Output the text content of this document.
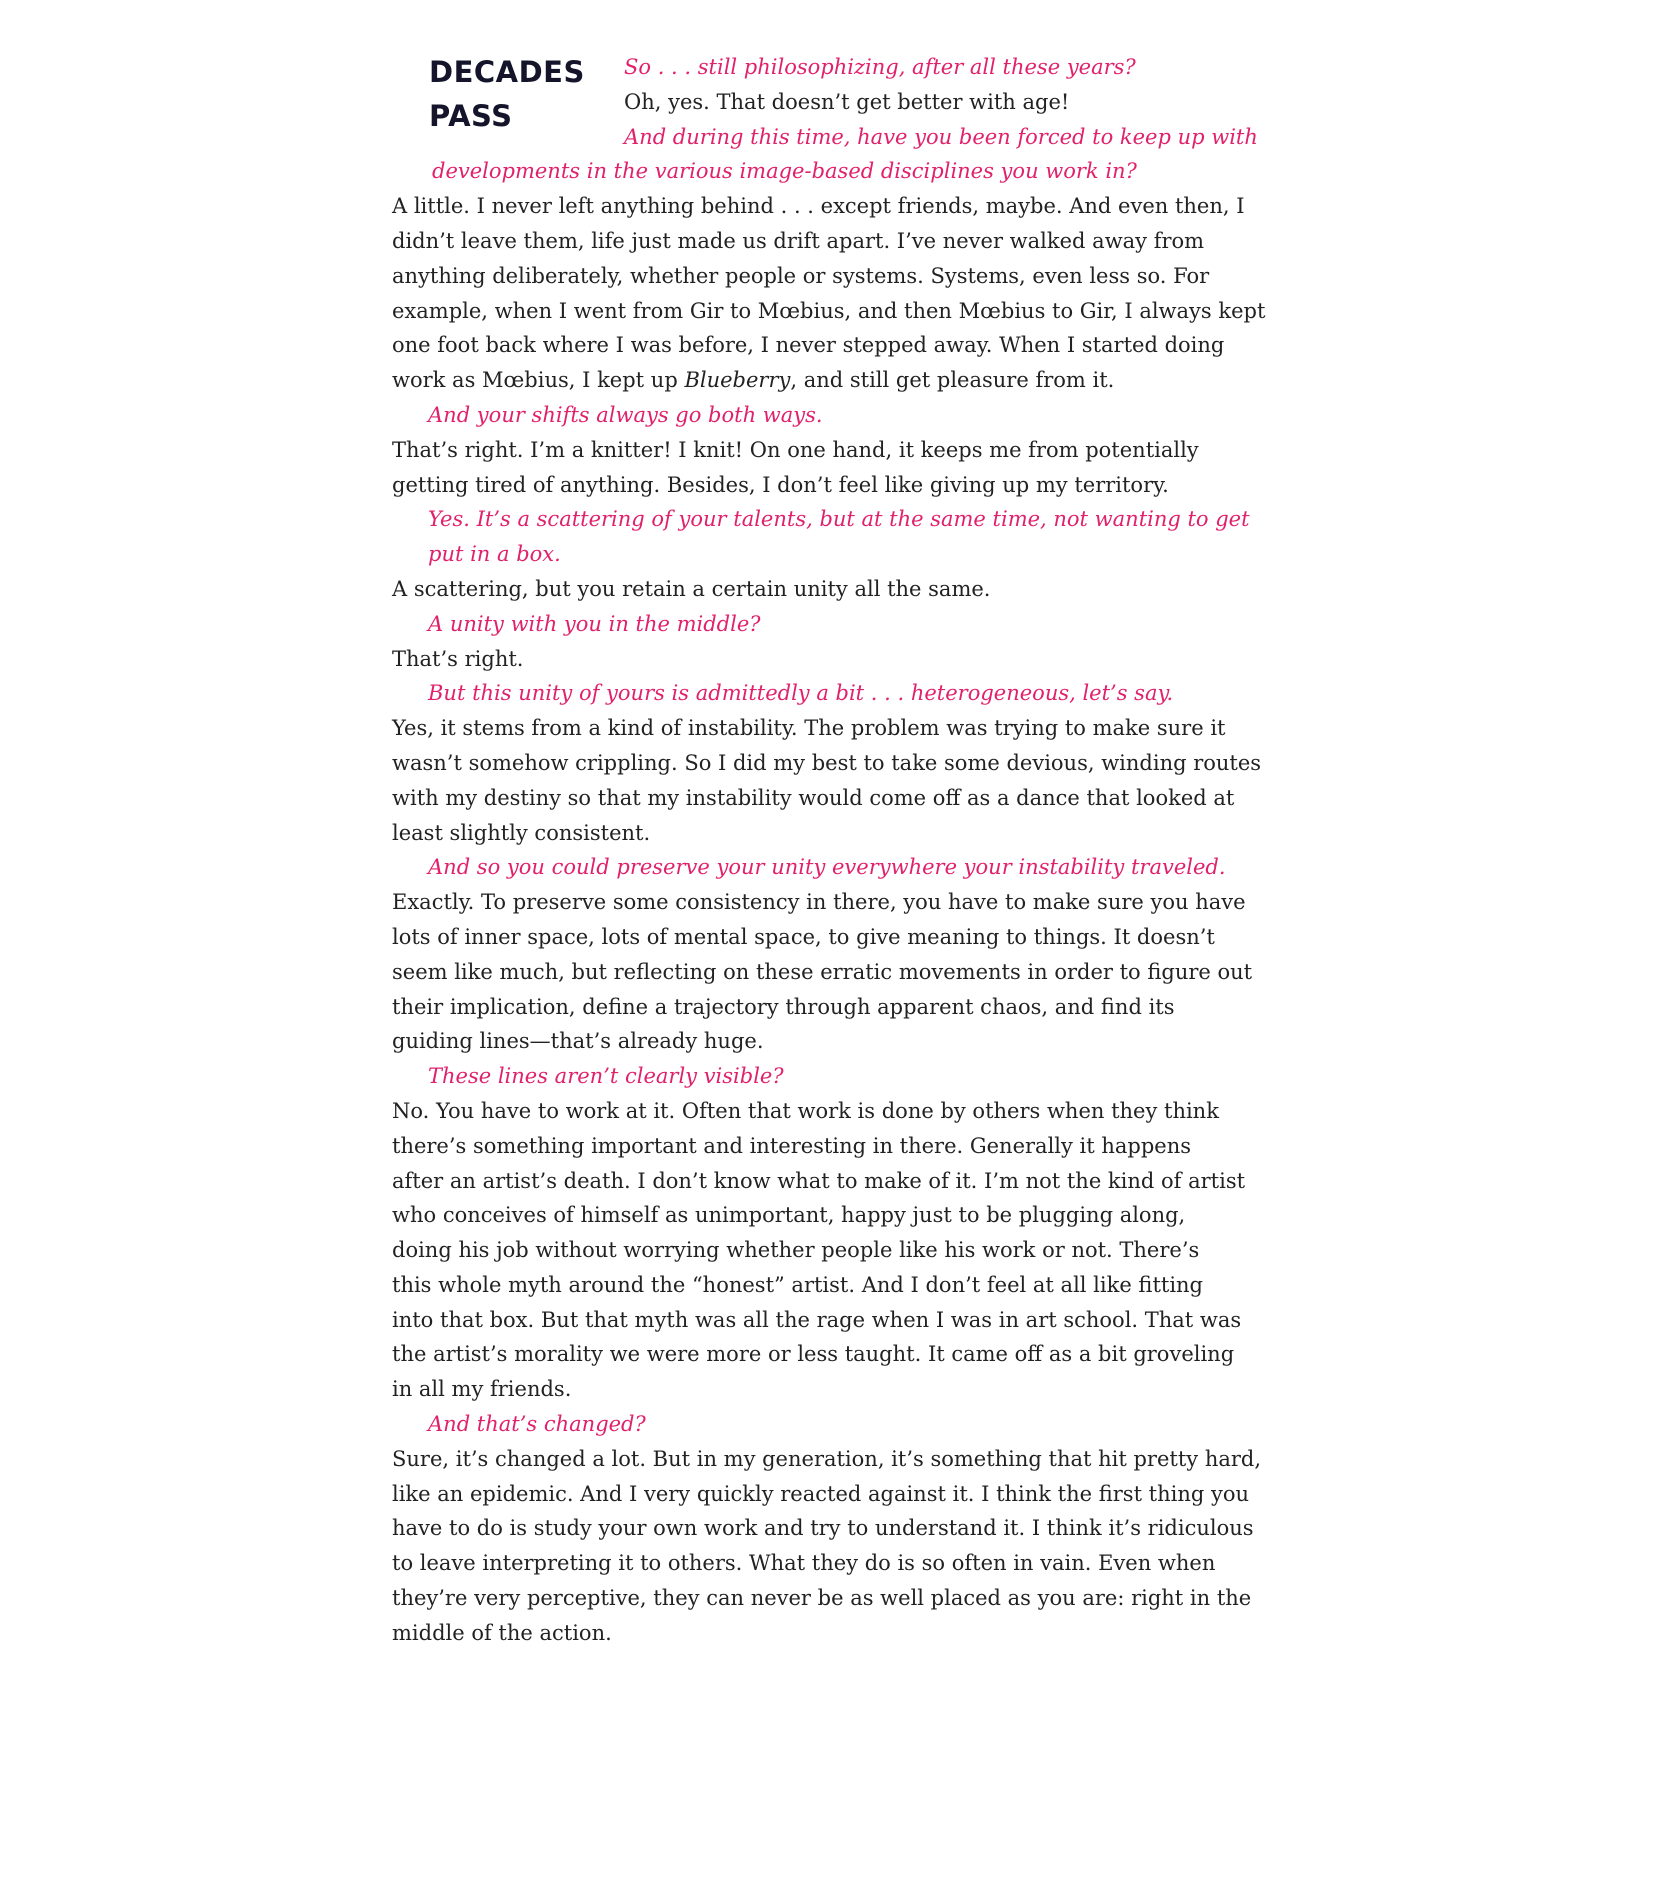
DECADES
PASS

So . . . still philosophizing, after all these years?

Oh, yes. That doesn’t get better with age!

And during this time, have you been forced to keep up with

developments in the various image-based disciplines you work in?

A little. I never left anything behind . . . except friends, maybe. And even then, I

didn’t leave them, life just made us drift apart. I’ve never walked away from

anything deliberately, whether people or systems. Systems, even less so. For

example, when I went from Gir to Mœbius, and then Mœbius to Gir, I always kept

one foot back where I was before, I never stepped away. When I started doing

work as Mœbius, I kept up Blueberry, and still get pleasure from it.

And your shifts always go both ways.

That’s right. I’m a knitter! I knit! On one hand, it keeps me from potentially

getting tired of anything. Besides, I don’t feel like giving up my territory.

Yes. It’s a scattering of your talents, but at the same time, not wanting to get

put in a box.

A scattering, but you retain a certain unity all the same.

A unity with you in the middle?

That’s right.

But this unity of yours is admittedly a bit . . . heterogeneous, let’s say.

Yes, it stems from a kind of instability. The problem was trying to make sure it

wasn’t somehow crippling. So I did my best to take some devious, winding routes

with my destiny so that my instability would come off as a dance that looked at

least slightly consistent.

And so you could preserve your unity everywhere your instability traveled.

Exactly. To preserve some consistency in there, you have to make sure you have

lots of inner space, lots of mental space, to give meaning to things. It doesn’t

seem like much, but reflecting on these erratic movements in order to figure out

their implication, define a trajectory through apparent chaos, and find its

guiding lines—that’s already huge.

These lines aren’t clearly visible?

No. You have to work at it. Often that work is done by others when they think

there’s something important and interesting in there. Generally it happens

after an artist’s death. I don’t know what to make of it. I’m not the kind of artist

who conceives of himself as unimportant, happy just to be plugging along,

doing his job without worrying whether people like his work or not. There’s

this whole myth around the “honest” artist. And I don’t feel at all like fitting

into that box. But that myth was all the rage when I was in art school. That was

the artist’s morality we were more or less taught. It came off as a bit groveling

in all my friends.

And that’s changed?

Sure, it’s changed a lot. But in my generation, it’s something that hit pretty hard,

like an epidemic. And I very quickly reacted against it. I think the first thing you

have to do is study your own work and try to understand it. I think it’s ridiculous

to leave interpreting it to others. What they do is so often in vain. Even when

they’re very perceptive, they can never be as well placed as you are: right in the

middle of the action.
